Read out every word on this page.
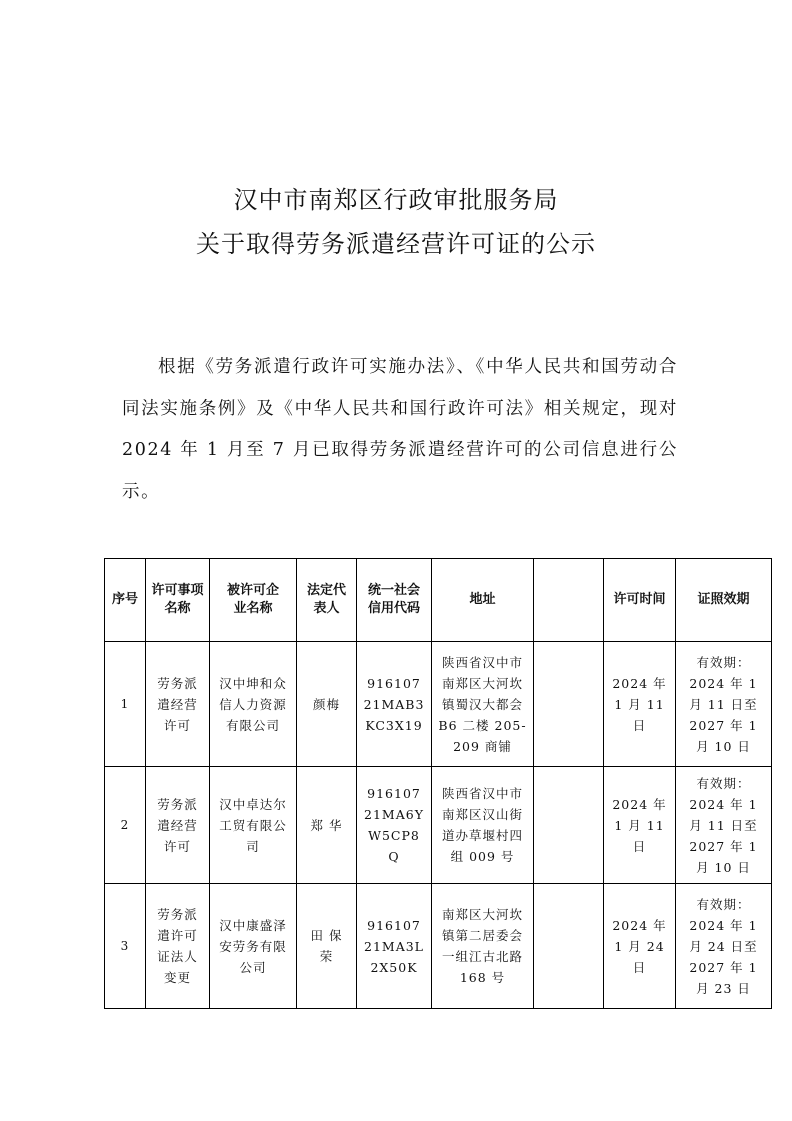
汉中市南郑区行政审批服务局
关于取得劳务派遣经营许可证的公示

根据《劳务派遣行政许可实施办法》、《中华人民共和国劳动合同法实施条例》及《中华人民共和国行政许可法》相关规定，现对 2024 年 1 月至 7 月已取得劳务派遣经营许可的公司信息进行公示。

序号	许可事项名称	被许可企业名称	法定代表人	统一社会信用代码	地址		许可时间	证照效期
1	劳务派遣经营许可	汉中坤和众信人力资源有限公司	颜梅	91610721MAB3KC3X19	陕西省汉中市南郑区大河坎镇蜀汉大都会 B6 二楼 205-209 商铺		2024 年 1 月 11 日	有效期：2024 年 1 月 11 日至 2027 年 1 月 10 日
2	劳务派遣经营许可	汉中卓达尔工贸有限公司	郑 华	91610721MA6YW5CP8Q	陕西省汉中市南郑区汉山街道办草堰村四组 009 号		2024 年 1 月 11 日	有效期：2024 年 1 月 11 日至 2027 年 1 月 10 日
3	劳务派遣许可证法人变更	汉中康盛泽安劳务有限公司	田 保 荣	91610721MA3L2X50K	南郑区大河坎镇第二居委会一组江古北路 168 号		2024 年 1 月 24 日	有效期：2024 年 1 月 24 日至 2027 年 1 月 23 日
